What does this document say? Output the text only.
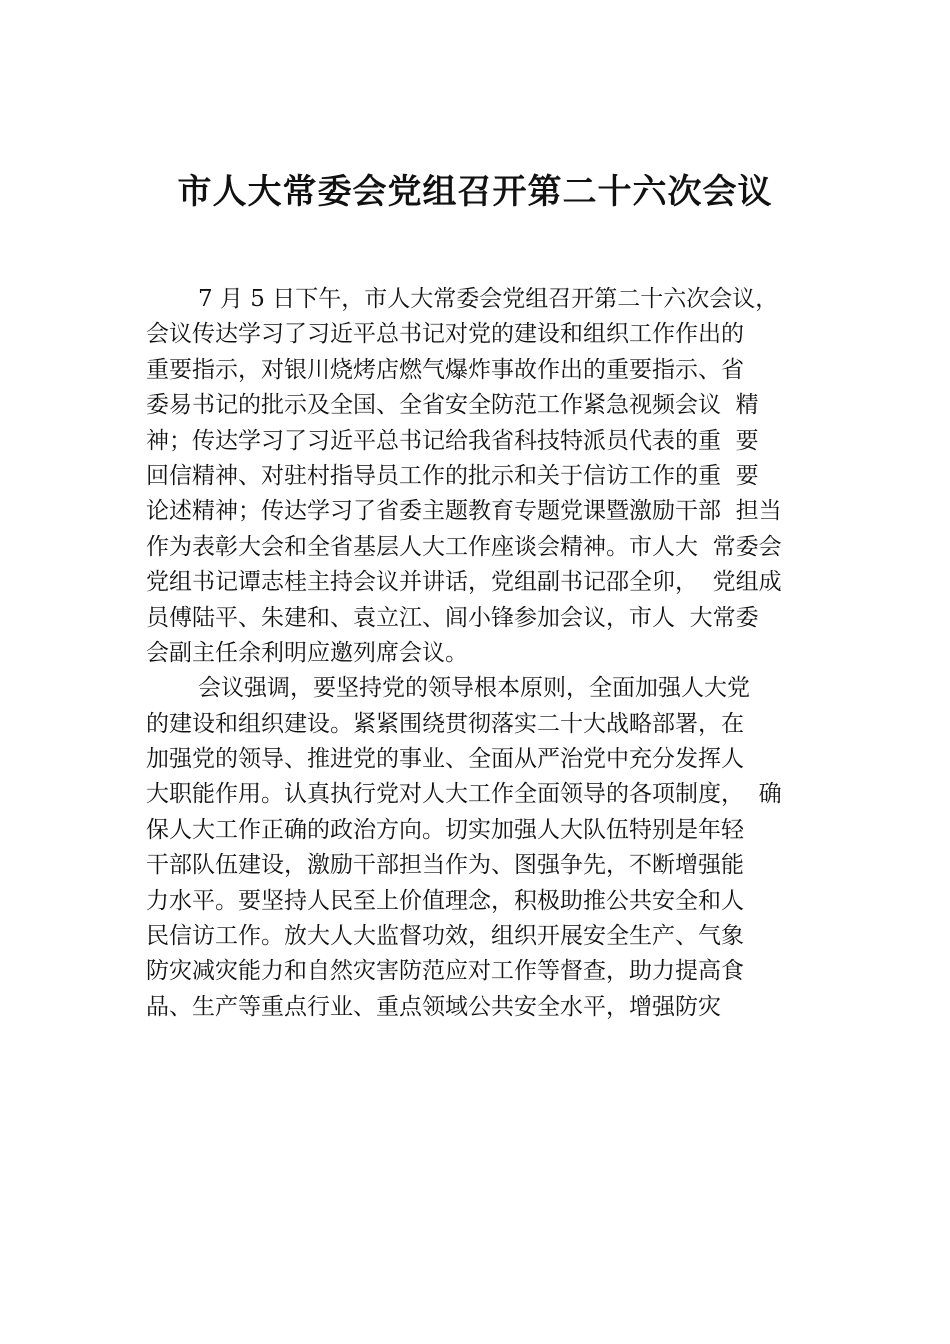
市人大常委会党组召开第二十六次会议
7 月 5 日下午，市人大常委会党组召开第二十六次会议，
会议传达学习了习近平总书记对党的建设和组织工作作出的
重要指示，对银川烧烤店燃气爆炸事故作出的重要指示、省
委易书记的批示及全国、全省安全防范工作紧急视频会议  精
神；传达学习了习近平总书记给我省科技特派员代表的重  要
回信精神、对驻村指导员工作的批示和关于信访工作的重  要
论述精神；传达学习了省委主题教育专题党课暨激励干部  担当
作为表彰大会和全省基层人大工作座谈会精神。市人大  常委会
党组书记谭志桂主持会议并讲话，党组副书记邵全卯，  党组成
员傅陆平、朱建和、袁立江、闾小锋参加会议，市人  大常委
会副主任余利明应邀列席会议。
会议强调，要坚持党的领导根本原则，全面加强人大党
的建设和组织建设。紧紧围绕贯彻落实二十大战略部署，在
加强党的领导、推进党的事业、全面从严治党中充分发挥人
大职能作用。认真执行党对人大工作全面领导的各项制度，  确
保人大工作正确的政治方向。切实加强人大队伍特别是年轻
干部队伍建设，激励干部担当作为、图强争先，不断增强能
力水平。要坚持人民至上价值理念，积极助推公共安全和人
民信访工作。放大人大监督功效，组织开展安全生产、气象
防灾减灾能力和自然灾害防范应对工作等督查，助力提高食
品、生产等重点行业、重点领域公共安全水平，增强防灾
